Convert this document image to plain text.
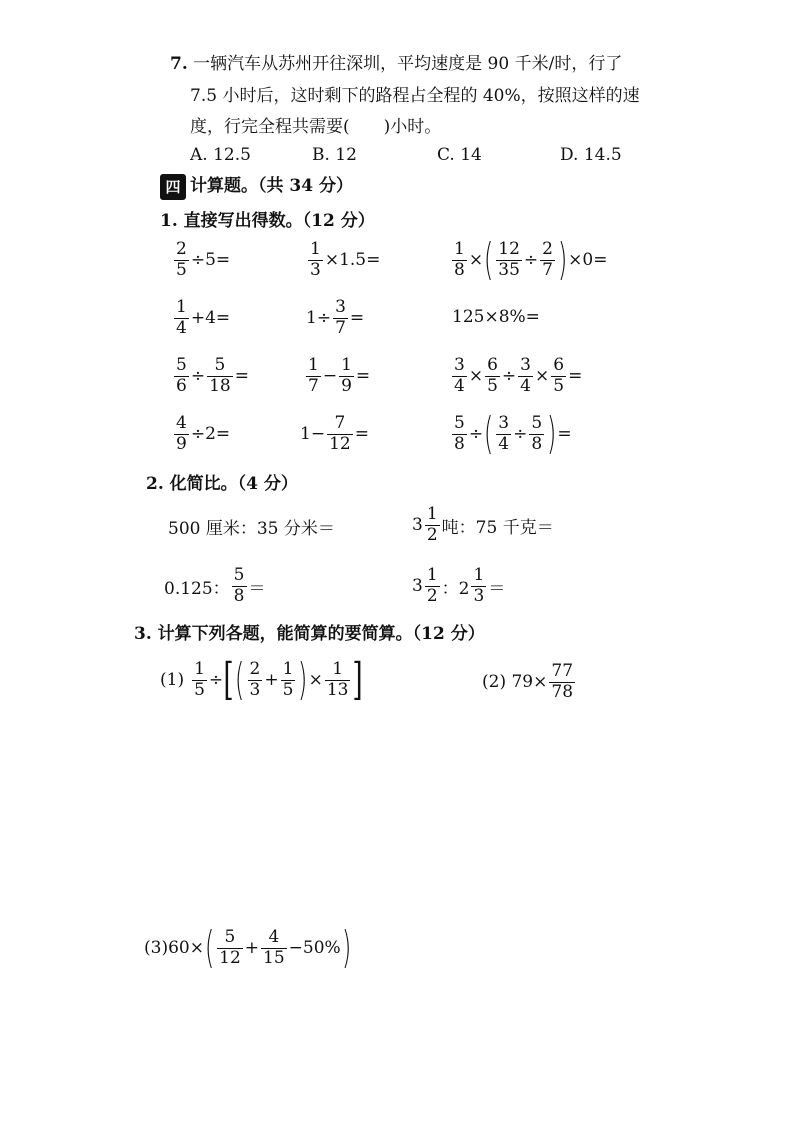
7. 一辆汽车从苏州开往深圳，平均速度是 90 千米/时，行了
7.5 小时后，这时剩下的路程占全程的 40%，按照这样的速
度，行完全程共需要(　　)小时。
A. 12.5	B. 12	C. 14	D. 14.5
四 计算题。（共 34 分）
1. 直接写出得数。（12 分）
$\frac{2}{5} \div 5=$	$\frac{1}{3} \times 1.5=$	$\frac{1}{8}$ × ( $\frac{12}{35} \div \frac{2}{7}$ ) ×0=
$\frac{1}{4} +4=$	$1\div \frac{3}{7}$ =	125×8%=
$\frac{5}{6} \div \frac{5}{18}$ =	$\frac{1}{7} - \frac{1}{9}$ =	$\frac{3}{4} \times \frac{6}{5} \div \frac{3}{4} \times \frac{6}{5}$ =
$\frac{4}{9} \div 2=$	$1- \frac{7}{12}$ =	$\frac{5}{8}$ ÷ ( $\frac{3}{4} \div \frac{5}{8}$ ) =
2. 化简比。（4 分）
500 厘米：35 分米＝	$3 \frac{1}{2}$ 吨：75 千克＝
0.125： $\frac{5}{8}$ ＝	$3 \frac{1}{2}$ ：$2 \frac{1}{3}$ ＝
3. 计算下列各题，能简算的要简算。（12 分）
$(1) \frac{1}{5}$ ÷ [ ( $\frac{2}{3} + \frac{1}{5}$ ) × $\frac{1}{13}$ ]	(2) $79\times \frac{77}{78}$
(3)60× ( $\frac{5}{12} + \frac{4}{15} -50\%$ )
